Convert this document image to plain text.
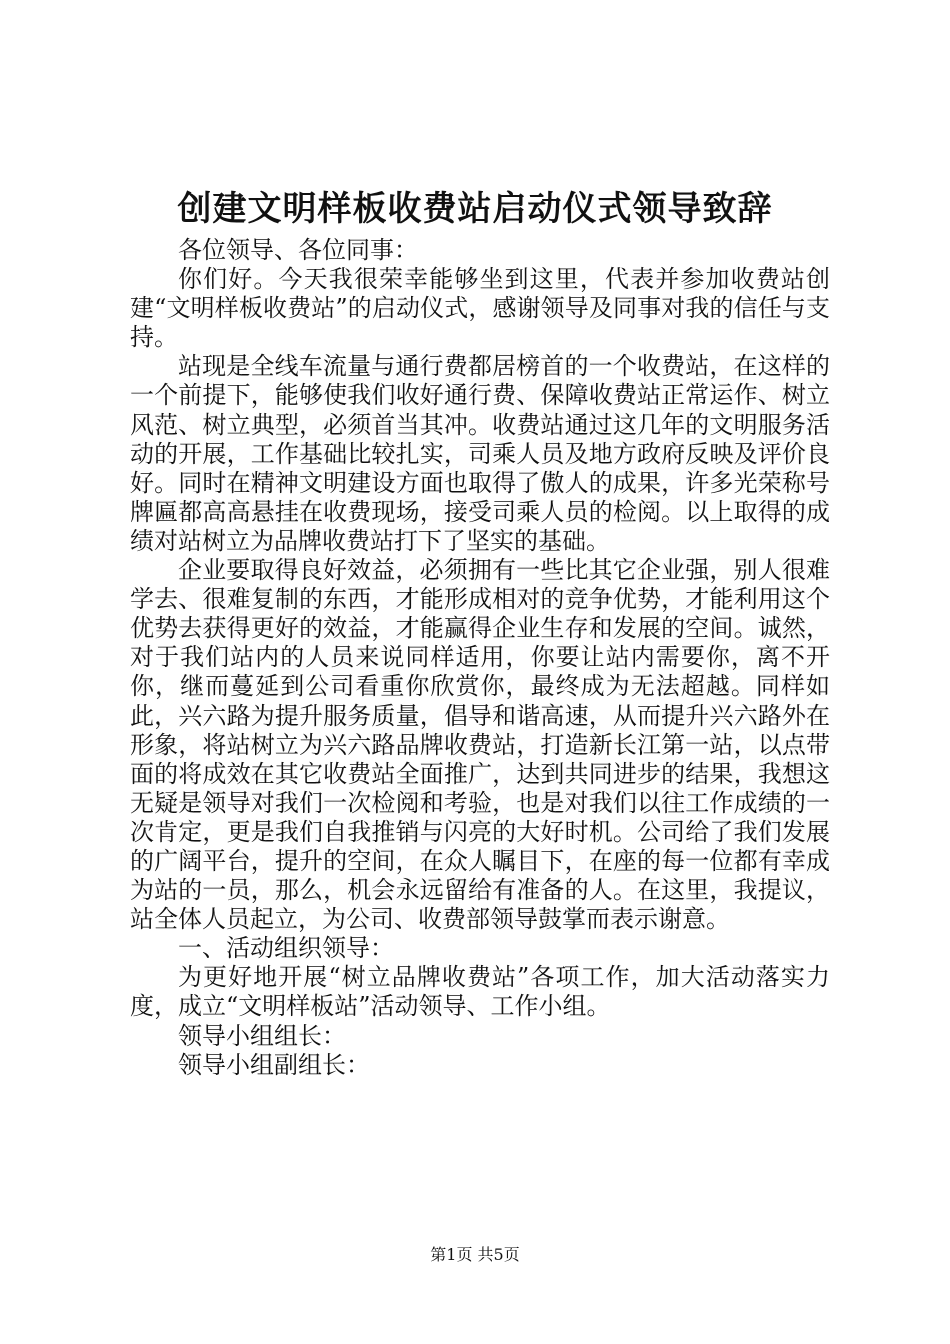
创建文明样板收费站启动仪式领导致辞

各位领导、各位同事：

你们好。今天我很荣幸能够坐到这里，代表并参加收费站创建“文明样板收费站”的启动仪式，感谢领导及同事对我的信任与支持。

站现是全线车流量与通行费都居榜首的一个收费站，在这样的一个前提下，能够使我们收好通行费、保障收费站正常运作、树立风范、树立典型，必须首当其冲。收费站通过这几年的文明服务活动的开展，工作基础比较扎实，司乘人员及地方政府反映及评价良好。同时在精神文明建设方面也取得了傲人的成果，许多光荣称号牌匾都高高悬挂在收费现场，接受司乘人员的检阅。以上取得的成绩对站树立为品牌收费站打下了坚实的基础。

企业要取得良好效益，必须拥有一些比其它企业强，别人很难学去、很难复制的东西，才能形成相对的竞争优势，才能利用这个优势去获得更好的效益，才能赢得企业生存和发展的空间。诚然，对于我们站内的人员来说同样适用，你要让站内需要你，离不开你，继而蔓延到公司看重你欣赏你，最终成为无法超越。同样如此，兴六路为提升服务质量，倡导和谐高速，从而提升兴六路外在形象，将站树立为兴六路品牌收费站，打造新长江第一站，以点带面的将成效在其它收费站全面推广，达到共同进步的结果，我想这无疑是领导对我们一次检阅和考验，也是对我们以往工作成绩的一次肯定，更是我们自我推销与闪亮的大好时机。公司给了我们发展的广阔平台，提升的空间，在众人瞩目下，在座的每一位都有幸成为站的一员，那么，机会永远留给有准备的人。在这里，我提议，站全体人员起立，为公司、收费部领导鼓掌而表示谢意。

一、活动组织领导：

为更好地开展“树立品牌收费站”各项工作，加大活动落实力度，成立“文明样板站”活动领导、工作小组。

领导小组组长：

领导小组副组长：

第1页 共5页
